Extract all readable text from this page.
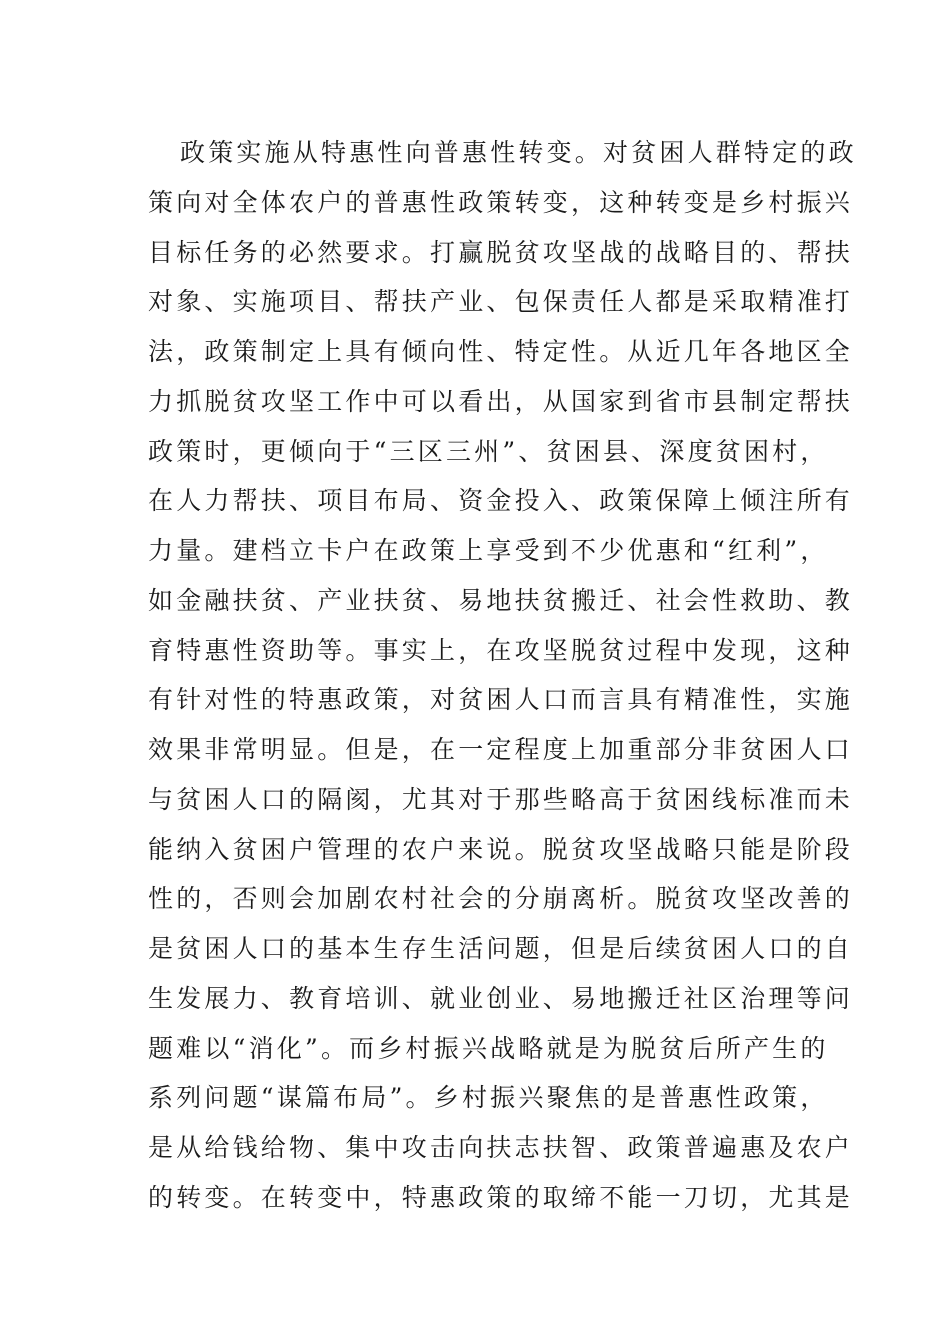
政策实施从特惠性向普惠性转变。对贫困人群特定的政
策向对全体农户的普惠性政策转变，这种转变是乡村振兴
目标任务的必然要求。打赢脱贫攻坚战的战略目的、帮扶
对象、实施项目、帮扶产业、包保责任人都是采取精准打
法，政策制定上具有倾向性、特定性。从近几年各地区全
力抓脱贫攻坚工作中可以看出，从国家到省市县制定帮扶
政策时，更倾向于“三区三州”、贫困县、深度贫困村，
在人力帮扶、项目布局、资金投入、政策保障上倾注所有
力量。建档立卡户在政策上享受到不少优惠和“红利”，
如金融扶贫、产业扶贫、易地扶贫搬迁、社会性救助、教
育特惠性资助等。事实上，在攻坚脱贫过程中发现，这种
有针对性的特惠政策，对贫困人口而言具有精准性，实施
效果非常明显。但是，在一定程度上加重部分非贫困人口
与贫困人口的隔阂，尤其对于那些略高于贫困线标准而未
能纳入贫困户管理的农户来说。脱贫攻坚战略只能是阶段
性的，否则会加剧农村社会的分崩离析。脱贫攻坚改善的
是贫困人口的基本生存生活问题，但是后续贫困人口的自
生发展力、教育培训、就业创业、易地搬迁社区治理等问
题难以“消化”。而乡村振兴战略就是为脱贫后所产生的
系列问题“谋篇布局”。乡村振兴聚焦的是普惠性政策，
是从给钱给物、集中攻击向扶志扶智、政策普遍惠及农户
的转变。在转变中，特惠政策的取缔不能一刀切，尤其是
